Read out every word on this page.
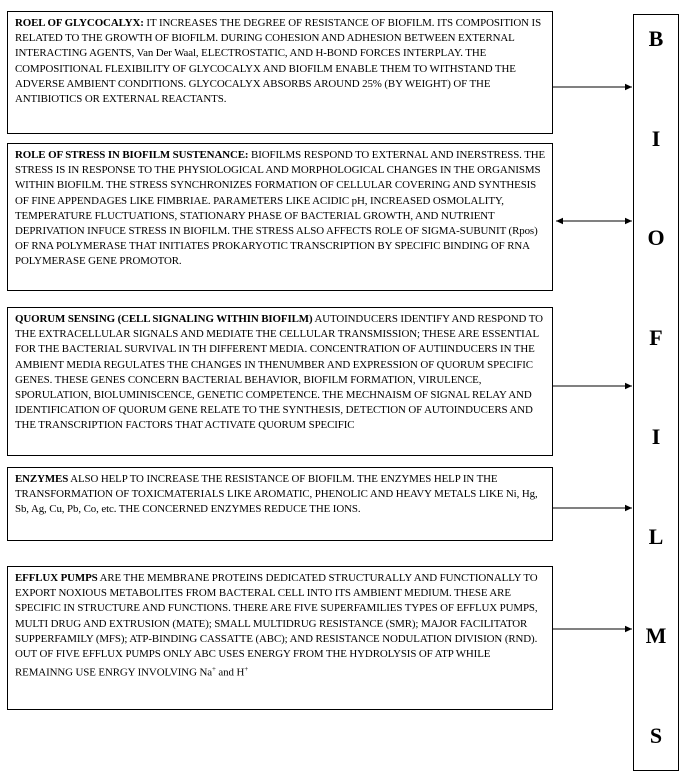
ROEL OF GLYCOCALYX: IT INCREASES THE DEGREE OF RESISTANCE OF BIOFILM. ITS COMPOSITION IS RELATED TO THE GROWTH OF BIOFILM. DURING COHESION AND ADHESION BETWEEN EXTERNAL INTERACTING AGENTS, Van Der Waal, ELECTROSTATIC, AND H-BOND FORCES INTERPLAY. THE COMPOSITIONAL FLEXIBILITY OF GLYCOCALYX AND BIOFILM ENABLE THEM TO WITHSTAND THE ADVERSE AMBIENT CONDITIONS. GLYCOCALYX ABSORBS AROUND 25% (BY WEIGHT) OF THE ANTIBIOTICS OR EXTERNAL REACTANTS.
ROLE OF STRESS IN BIOFILM SUSTENANCE: BIOFILMS RESPOND TO EXTERNAL AND INERSTRESS. THE STRESS IS IN RESPONSE TO THE PHYSIOLOGICAL AND MORPHOLOGICAL CHANGES IN THE ORGANISMS WITHIN BIOFILM. THE STRESS SYNCHRONIZES FORMATION OF CELLULAR COVERING AND SYNTHESIS OF FINE APPENDAGES LIKE FIMBRIAE. PARAMETERS LIKE ACIDIC pH, INCREASED OSMOLALITY, TEMPERATURE FLUCTUATIONS, STATIONARY PHASE OF BACTERIAL GROWTH, AND NUTRIENT DEPRIVATION INFUCE STRESS IN BIOFILM. THE STRESS ALSO AFFECTS ROLE OF SIGMA-SUBUNIT (Rpos) OF RNA POLYMERASE THAT INITIATES PROKARYOTIC TRANSCRIPTION BY SPECIFIC BINDING OF RNA POLYMERASE GENE PROMOTOR.
QUORUM SENSING (CELL SIGNALING WITHIN BIOFILM) AUTOINDUCERS IDENTIFY AND RESPOND TO THE EXTRACELLULAR SIGNALS AND MEDIATE THE CELLULAR TRANSMISSION; THESE ARE ESSENTIAL FOR THE BACTERIAL SURVIVAL IN TH DIFFERENT MEDIA. CONCENTRATION OF AUTIINDUCERS IN THE AMBIENT MEDIA REGULATES THE CHANGES IN THENUMBER AND EXPRESSION OF QUORUM SPECIFIC GENES. THESE GENES CONCERN BACTERIAL BEHAVIOR, BIOFILM FORMATION, VIRULENCE, SPORULATION, BIOLUMINISCENCE, GENETIC COMPETENCE. THE MECHNAISM OF SIGNAL RELAY AND IDENTIFICATION OF QUORUM GENE RELATE TO THE SYNTHESIS, DETECTION OF AUTOINDUCERS AND THE TRANSCRIPTION FACTORS THAT ACTIVATE QUORUM SPECIFIC
ENZYMES ALSO HELP TO INCREASE THE RESISTANCE OF BIOFILM. THE ENZYMES HELP IN THE TRANSFORMATION OF TOXICMATERIALS LIKE AROMATIC, PHENOLIC AND HEAVY METALS LIKE Ni, Hg, Sb, Ag, Cu, Pb, Co, etc. THE CONCERNED ENZYMES REDUCE THE IONS.
EFFLUX PUMPS ARE THE MEMBRANE PROTEINS DEDICATED STRUCTURALLY AND FUNCTIONALLY TO EXPORT NOXIOUS METABOLITES FROM BACTERAL CELL INTO ITS AMBIENT MEDIUM. THESE ARE SPECIFIC IN STRUCTURE AND FUNCTIONS. THERE ARE FIVE SUPERFAMILIES TYPES OF EFFLUX PUMPS, MULTI DRUG AND EXTRUSION (MATE); SMALL MULTIDRUG RESISTANCE (SMR); MAJOR FACILITATOR SUPPERFAMILY (MFS); ATP-BINDING CASSATTE (ABC); AND RESISTANCE NODULATION DIVISION (RND). OUT OF FIVE EFFLUX PUMPS ONLY ABC USES ENERGY FROM THE HYDROLYSIS OF ATP WHILE REMAINNG USE ENRGY INVOLVING Na+ and H+
B
I
O
F
I
L
M
S
